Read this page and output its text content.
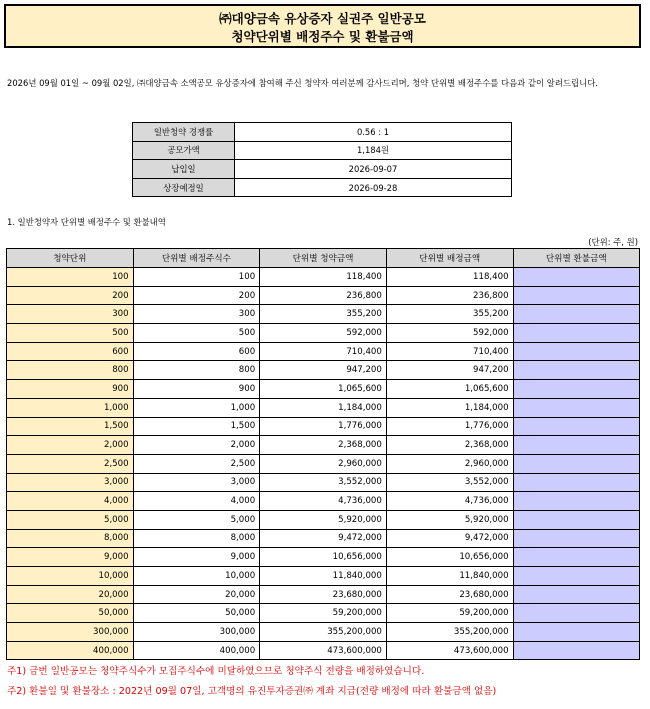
㈜대양금속 유상증자 실권주 일반공모
청약단위별 배정주수 및 환불금액
2026년 09월 01일 ~ 09월 02일, ㈜대양금속 소액공모 유상증자에 참여해 주신 청약자 여러분께 감사드리며, 청약 단위별 배정주수를 다음과 같이 알려드립니다.
일반청약 경쟁률	0.56 : 1
공모가액	1,184원
납입일	2026-09-07
상장예정일	2026-09-28
1. 일반청약자 단위별 배정주수 및 환불내역
(단위: 주, 원)
청약단위	단위별 배정주식수	단위별 청약금액	단위별 배정금액	단위별 환불금액
100	100	118,400	118,400	
200	200	236,800	236,800	
300	300	355,200	355,200	
500	500	592,000	592,000	
600	600	710,400	710,400	
800	800	947,200	947,200	
900	900	1,065,600	1,065,600	
1,000	1,000	1,184,000	1,184,000	
1,500	1,500	1,776,000	1,776,000	
2,000	2,000	2,368,000	2,368,000	
2,500	2,500	2,960,000	2,960,000	
3,000	3,000	3,552,000	3,552,000	
4,000	4,000	4,736,000	4,736,000	
5,000	5,000	5,920,000	5,920,000	
8,000	8,000	9,472,000	9,472,000	
9,000	9,000	10,656,000	10,656,000	
10,000	10,000	11,840,000	11,840,000	
20,000	20,000	23,680,000	23,680,000	
50,000	50,000	59,200,000	59,200,000	
300,000	300,000	355,200,000	355,200,000	
400,000	400,000	473,600,000	473,600,000	
주1) 금번 일반공모는 청약주식수가 모집주식수에 미달하였으므로 청약주식 전량을 배정하였습니다.
주2) 환불일 및 환불장소 : 2022년 09월 07일, 고객명의 유진투자증권㈜ 계좌 지급(전량 배정에 따라 환불금액 없음)
